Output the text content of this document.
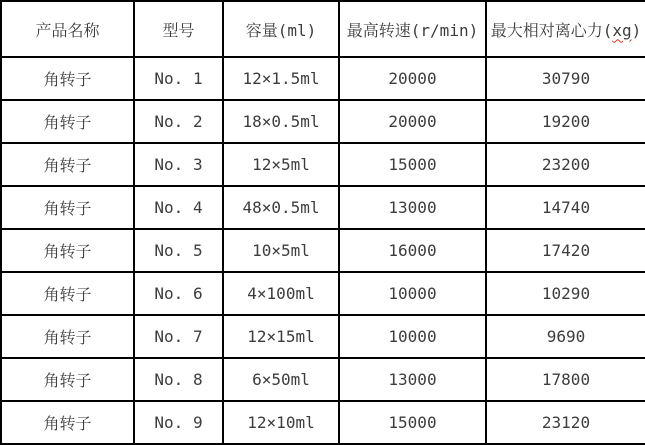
产品名称	型号	容量(ml)	最高转速(r/min)	最大相对离心力(xg)
角转子	No. 1	12×1.5ml	20000	30790
角转子	No. 2	18×0.5ml	20000	19200
角转子	No. 3	12×5ml	15000	23200
角转子	No. 4	48×0.5ml	13000	14740
角转子	No. 5	10×5ml	16000	17420
角转子	No. 6	4×100ml	10000	10290
角转子	No. 7	12×15ml	10000	9690
角转子	No. 8	6×50ml	13000	17800
角转子	No. 9	12×10ml	15000	23120
